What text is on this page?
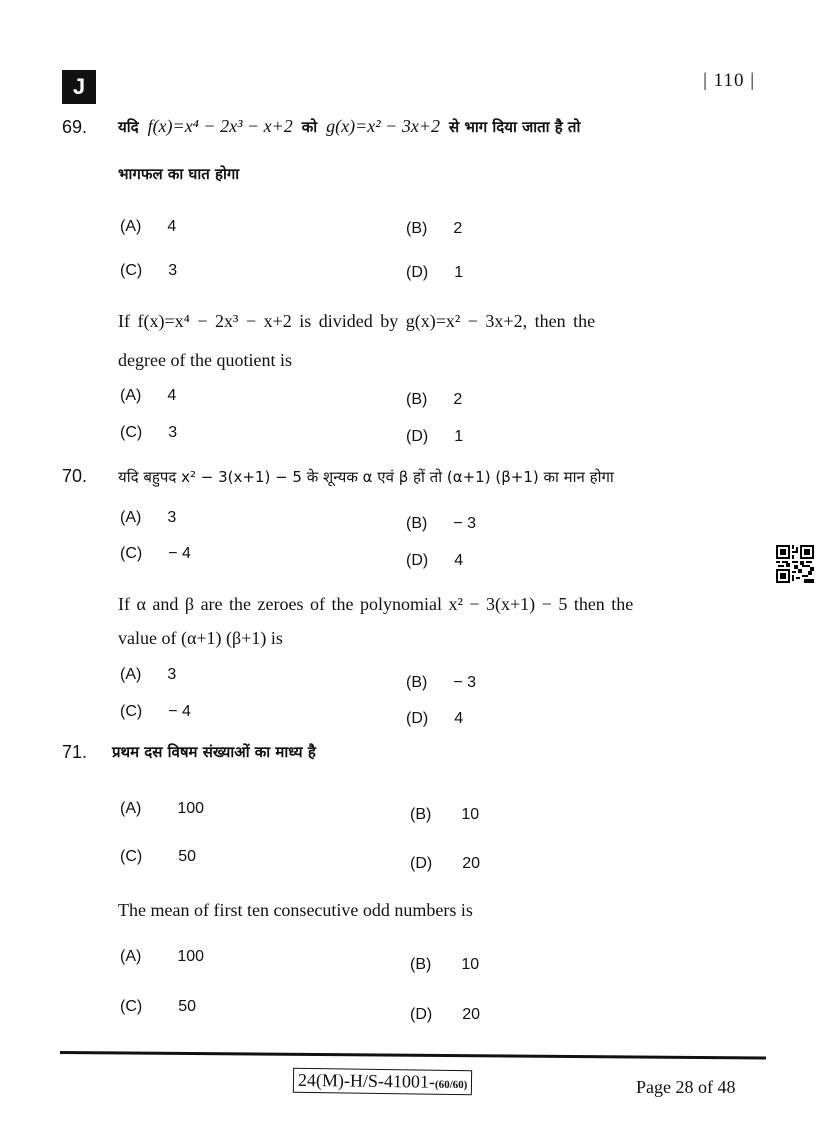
J	| 110 |
69. यदि f(x)=x⁴ − 2x³ − x+2 को g(x)=x² − 3x+2 से भाग दिया जाता है तो
भागफल का घात होगा
(A) 4	(B) 2
(C) 3	(D) 1
If f(x)=x⁴ − 2x³ − x+2 is divided by g(x)=x² − 3x+2, then the
degree of the quotient is
(A) 4	(B) 2
(C) 3	(D) 1
70. यदि बहुपद x² − 3(x+1) − 5 के शून्यक α एवं β हों तो (α+1) (β+1) का मान होगा
(A) 3	(B) − 3
(C) − 4	(D) 4
If α and β are the zeroes of the polynomial x² − 3(x+1) − 5 then the
value of (α+1) (β+1) is
(A) 3	(B) − 3
(C) − 4	(D) 4
71. प्रथम दस विषम संख्याओं का माध्य है
(A) 100	(B) 10
(C) 50	(D) 20
The mean of first ten consecutive odd numbers is
(A) 100	(B) 10
(C) 50	(D) 20
24(M)-H/S-41001-(60/60)	Page 28 of 48
